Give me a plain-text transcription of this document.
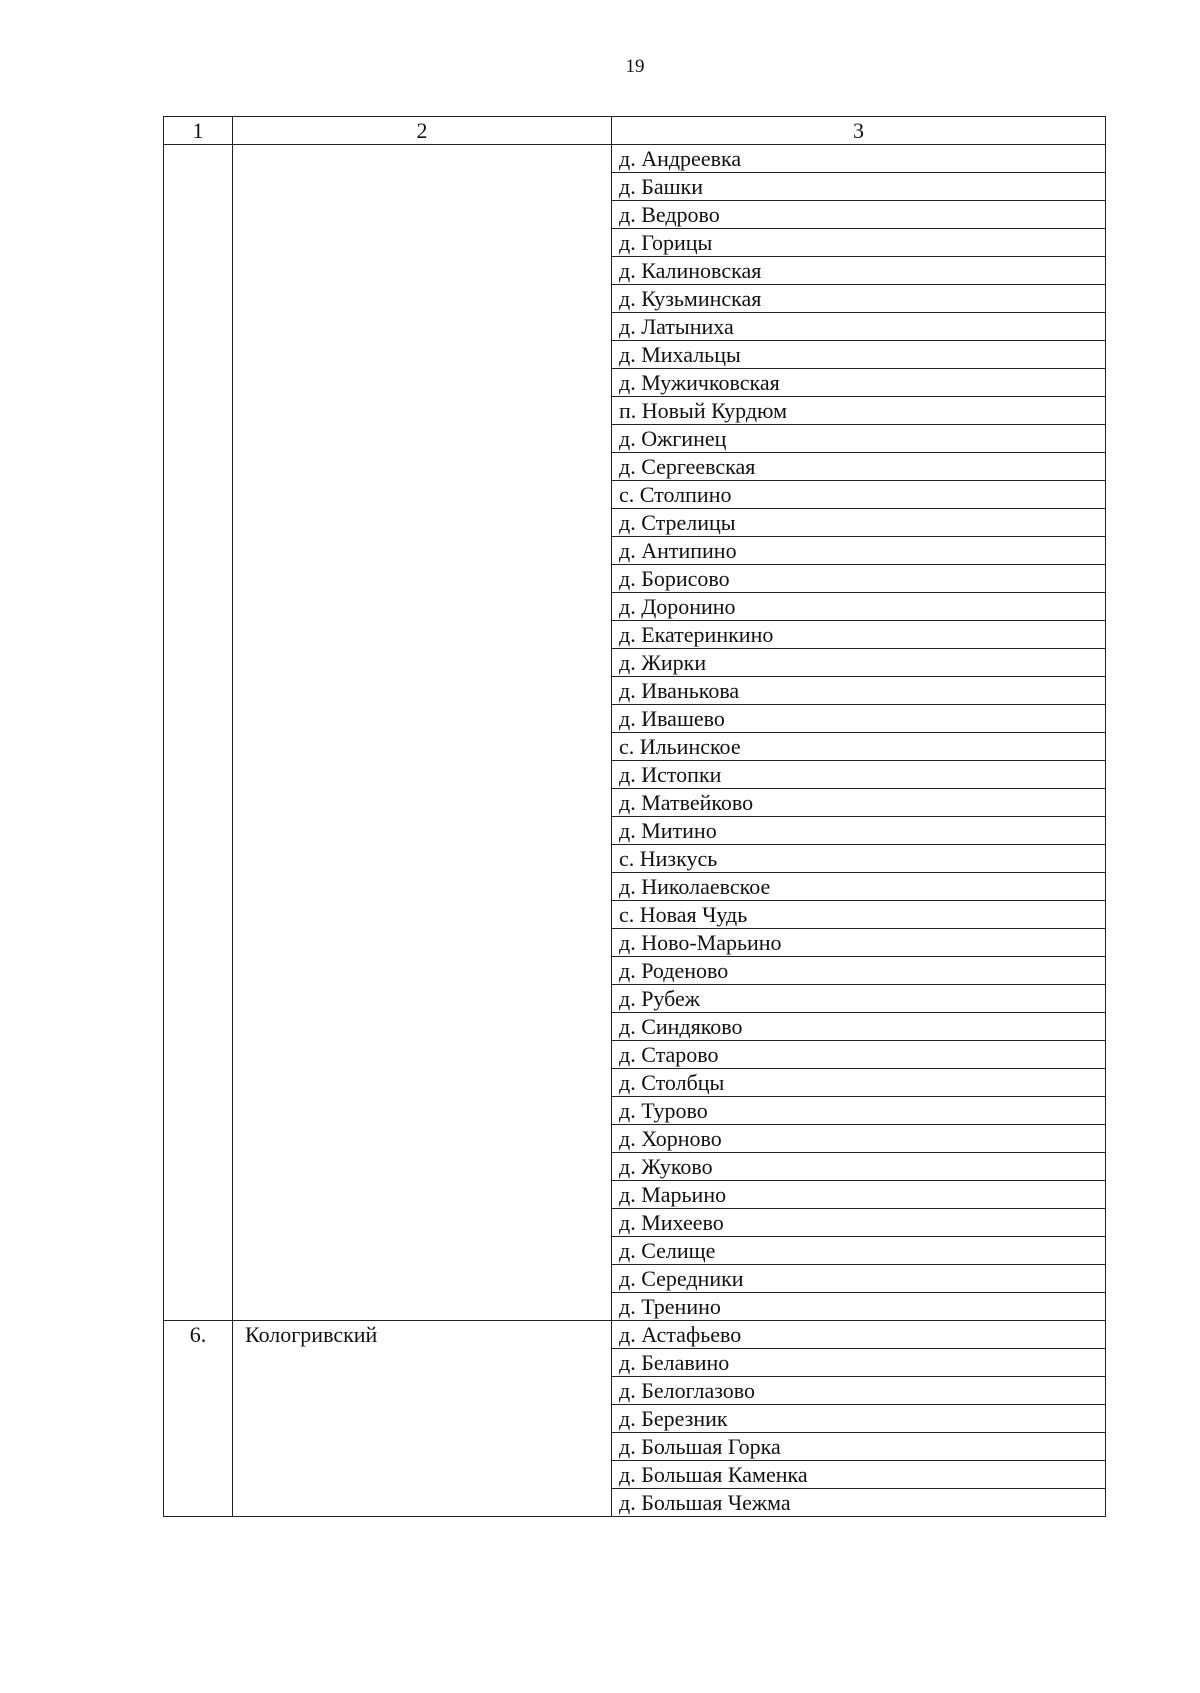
19
1	2	3
		д. Андреевка
		д. Башки
		д. Ведрово
		д. Горицы
		д. Калиновская
		д. Кузьминская
		д. Латыниха
		д. Михальцы
		д. Мужичковская
		п. Новый Курдюм
		д. Ожгинец
		д. Сергеевская
		с. Столпино
		д. Стрелицы
		д. Антипино
		д. Борисово
		д. Доронино
		д. Екатеринкино
		д. Жирки
		д. Иванькова
		д. Ивашево
		с. Ильинское
		д. Истопки
		д. Матвейково
		д. Митино
		с. Низкусь
		д. Николаевское
		с. Новая Чудь
		д. Ново-Марьино
		д. Роденово
		д. Рубеж
		д. Синдяково
		д. Старово
		д. Столбцы
		д. Турово
		д. Хорново
		д. Жуково
		д. Марьино
		д. Михеево
		д. Селище
		д. Середники
		д. Тренино
6.	Кологривский	д. Астафьево
		д. Белавино
		д. Белоглазово
		д. Березник
		д. Большая Горка
		д. Большая Каменка
		д. Большая Чежма
